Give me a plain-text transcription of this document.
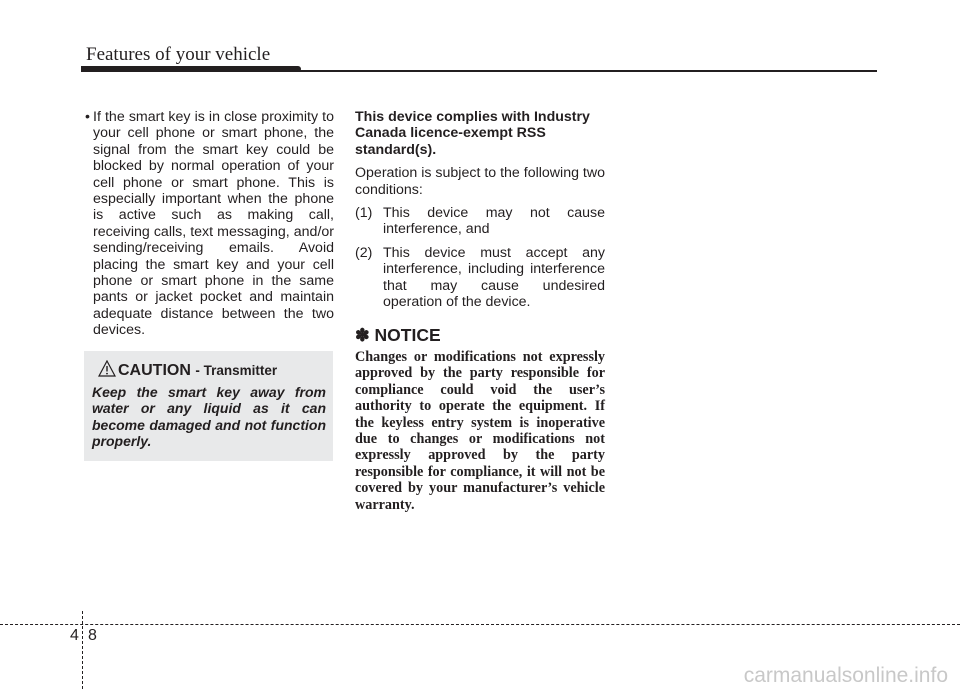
Features of your vehicle

• If the smart key is in close proximity to your cell phone or smart phone, the signal from the smart key could be blocked by normal operation of your cell phone or smart phone. This is especially important when the phone is active such as making call, receiving calls, text messaging, and/or sending/receiving emails. Avoid placing the smart key and your cell phone or smart phone in the same pants or jacket pocket and maintain adequate distance between the two devices.

CAUTION - Transmitter

Keep the smart key away from water or any liquid as it can become damaged and not function properly.

This device complies with Industry Canada licence-exempt RSS standard(s).

Operation is subject to the following two conditions:

(1) This device may not cause interference, and
(2) This device must accept any interference, including interference that may cause undesired operation of the device.
✽ NOTICE

Changes or modifications not expressly approved by the party responsible for compliance could void the user’s authority to operate the equipment. If the keyless entry system is inoperative due to changes or modifications not expressly approved by the party responsible for compliance, it will not be covered by your manufacturer’s vehicle warranty.

4 8
carmanualsonline.info
